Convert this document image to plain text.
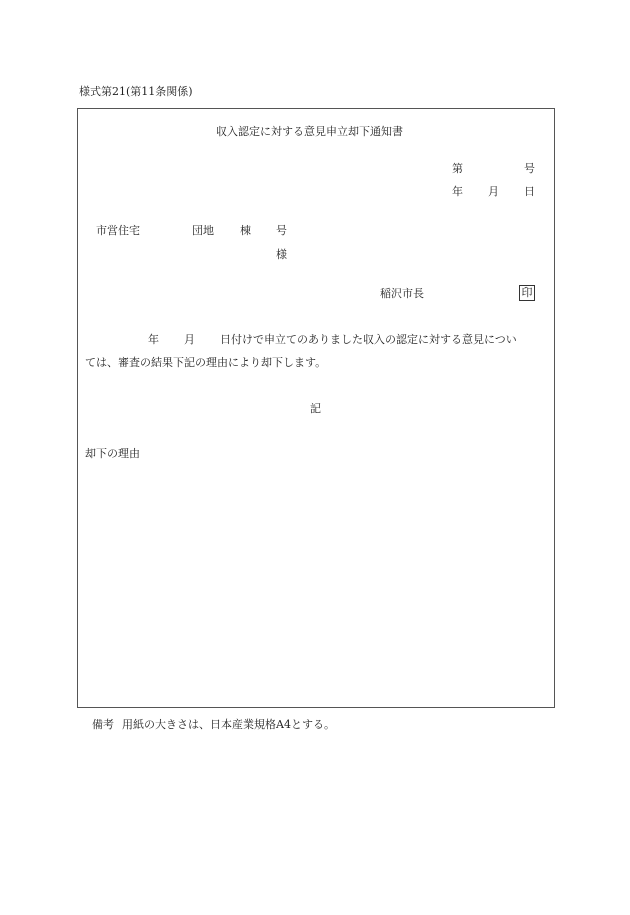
様式第21(第11条関係)
収入認定に対する意見申立却下通知書
第	号
年 月 日
市営住宅	団地 棟 号
様
稲沢市長	印
年 月 日付けで申立てのありました収入の認定に対する意見につい
ては、審査の結果下記の理由により却下します。
記
却下の理由
備考 用紙の大きさは、日本産業規格A4とする。
